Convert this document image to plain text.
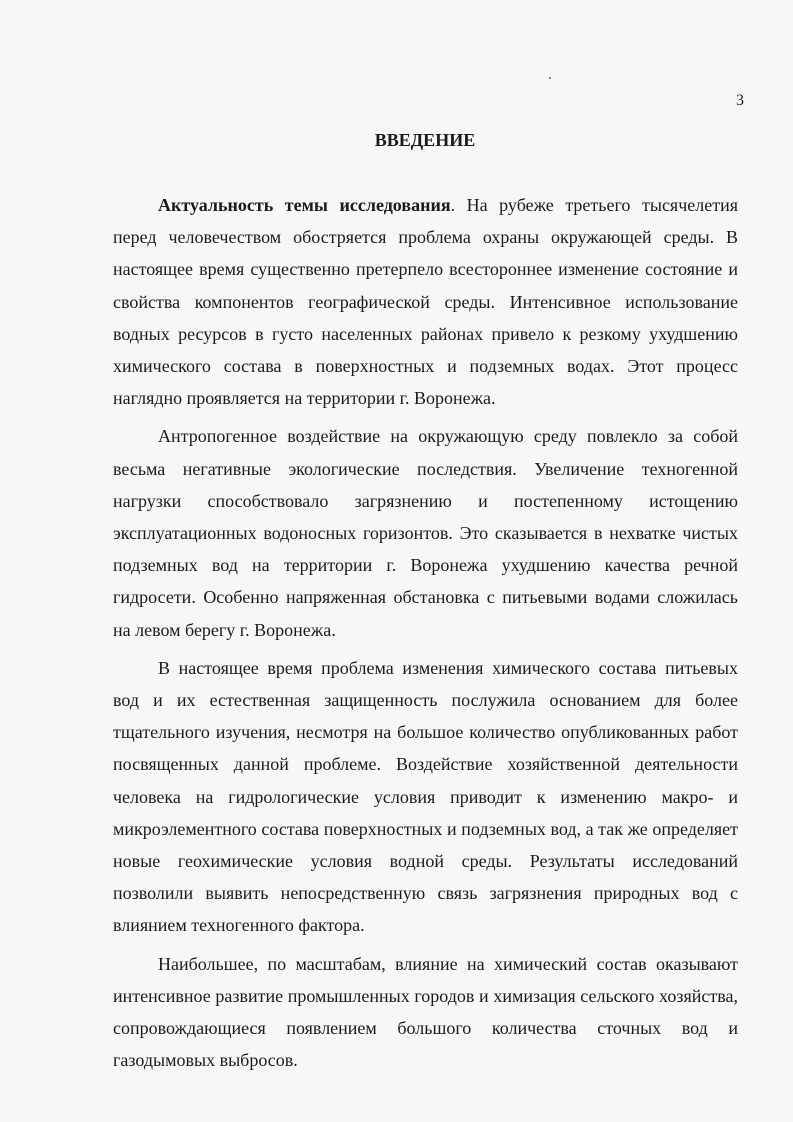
3
ВВЕДЕНИЕ

Актуальность темы исследования. На рубеже третьего тысячелетия перед человечеством обостряется проблема охраны окружающей среды. В настоящее время существенно претерпело всестороннее изменение состояние и свойства компонентов географической среды. Интенсивное использование водных ресурсов в густо населенных районах привело к резкому ухудшению химического состава в поверхностных и подземных водах. Этот процесс наглядно проявляется на территории г. Воронежа.

Антропогенное воздействие на окружающую среду повлекло за собой весьма негативные экологические последствия. Увеличение техногенной нагрузки способствовало загрязнению и постепенному истощению эксплуатационных водоносных горизонтов. Это сказывается в нехватке чистых подземных вод на территории г. Воронежа ухудшению качества речной гидросети. Особенно напряженная обстановка с питьевыми водами сложилась на левом берегу г. Воронежа.

В настоящее время проблема изменения химического состава питьевых вод и их естественная защищенность послужила основанием для более тщательного изучения, несмотря на большое количество опубликованных работ посвященных данной проблеме. Воздействие хозяйственной деятельности человека на гидрологические условия приводит к изменению макро- и микроэлементного состава поверхностных и подземных вод, а так же определяет новые геохимические условия водной среды. Результаты исследований позволили выявить непосредственную связь загрязнения природных вод с влиянием техногенного фактора.

Наибольшее, по масштабам, влияние на химический состав оказывают интенсивное развитие промышленных городов и химизация сельского хозяйства, сопровождающиеся появлением большого количества сточных вод и газодымовых выбросов.
